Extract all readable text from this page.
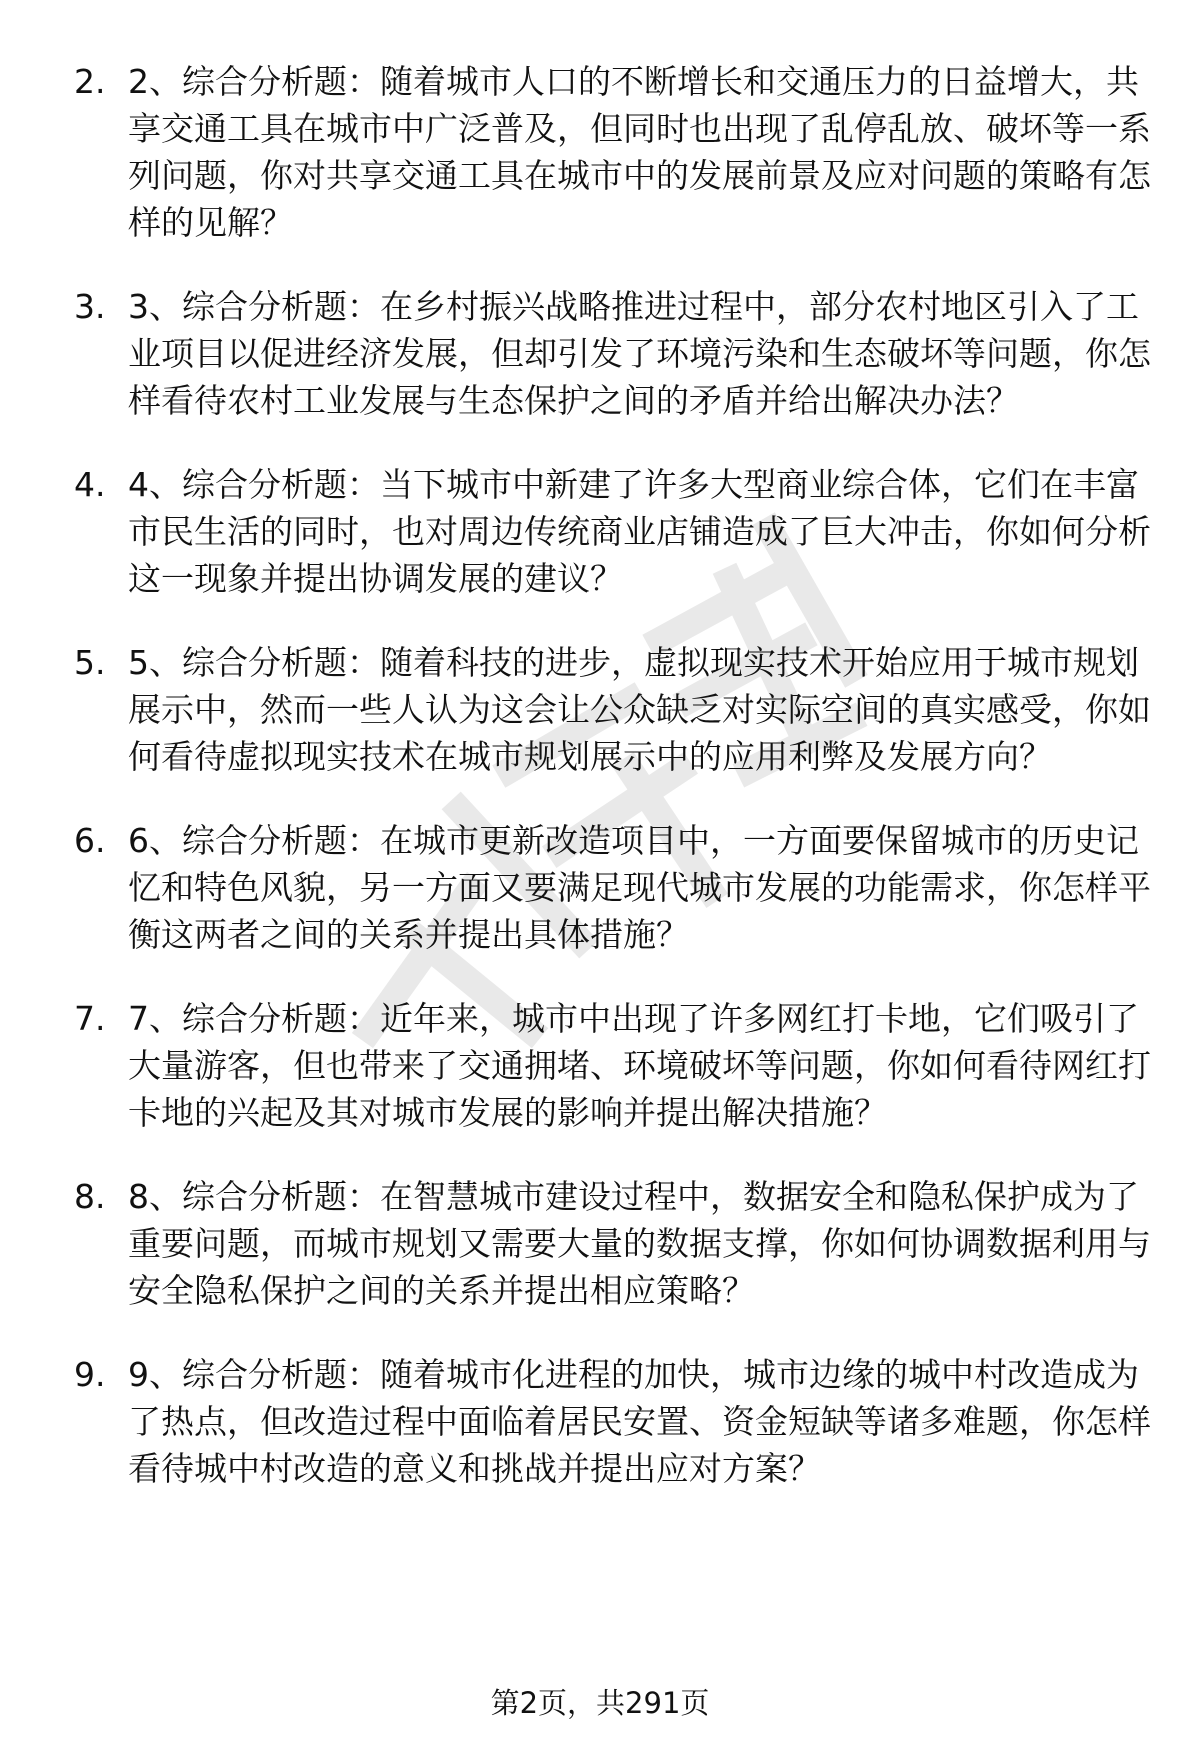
2. 2、综合分析题：随着城市人口的不断增长和交通压力的日益增大，共享交通工具在城市中广泛普及，但同时也出现了乱停乱放、破坏等一系列问题，你对共享交通工具在城市中的发展前景及应对问题的策略有怎样的见解？
3. 3、综合分析题：在乡村振兴战略推进过程中，部分农村地区引入了工业项目以促进经济发展，但却引发了环境污染和生态破坏等问题，你怎样看待农村工业发展与生态保护之间的矛盾并给出解决办法？
4. 4、综合分析题：当下城市中新建了许多大型商业综合体，它们在丰富市民生活的同时，也对周边传统商业店铺造成了巨大冲击，你如何分析这一现象并提出协调发展的建议？
5. 5、综合分析题：随着科技的进步，虚拟现实技术开始应用于城市规划展示中，然而一些人认为这会让公众缺乏对实际空间的真实感受，你如何看待虚拟现实技术在城市规划展示中的应用利弊及发展方向？
6. 6、综合分析题：在城市更新改造项目中，一方面要保留城市的历史记忆和特色风貌，另一方面又要满足现代城市发展的功能需求，你怎样平衡这两者之间的关系并提出具体措施？
7. 7、综合分析题：近年来，城市中出现了许多网红打卡地，它们吸引了大量游客，但也带来了交通拥堵、环境破坏等问题，你如何看待网红打卡地的兴起及其对城市发展的影响并提出解决措施？
8. 8、综合分析题：在智慧城市建设过程中，数据安全和隐私保护成为了重要问题，而城市规划又需要大量的数据支撑，你如何协调数据利用与安全隐私保护之间的关系并提出相应策略？
9. 9、综合分析题：随着城市化进程的加快，城市边缘的城中村改造成为了热点，但改造过程中面临着居民安置、资金短缺等诸多难题，你怎样看待城中村改造的意义和挑战并提出应对方案？
第2页，共291页
